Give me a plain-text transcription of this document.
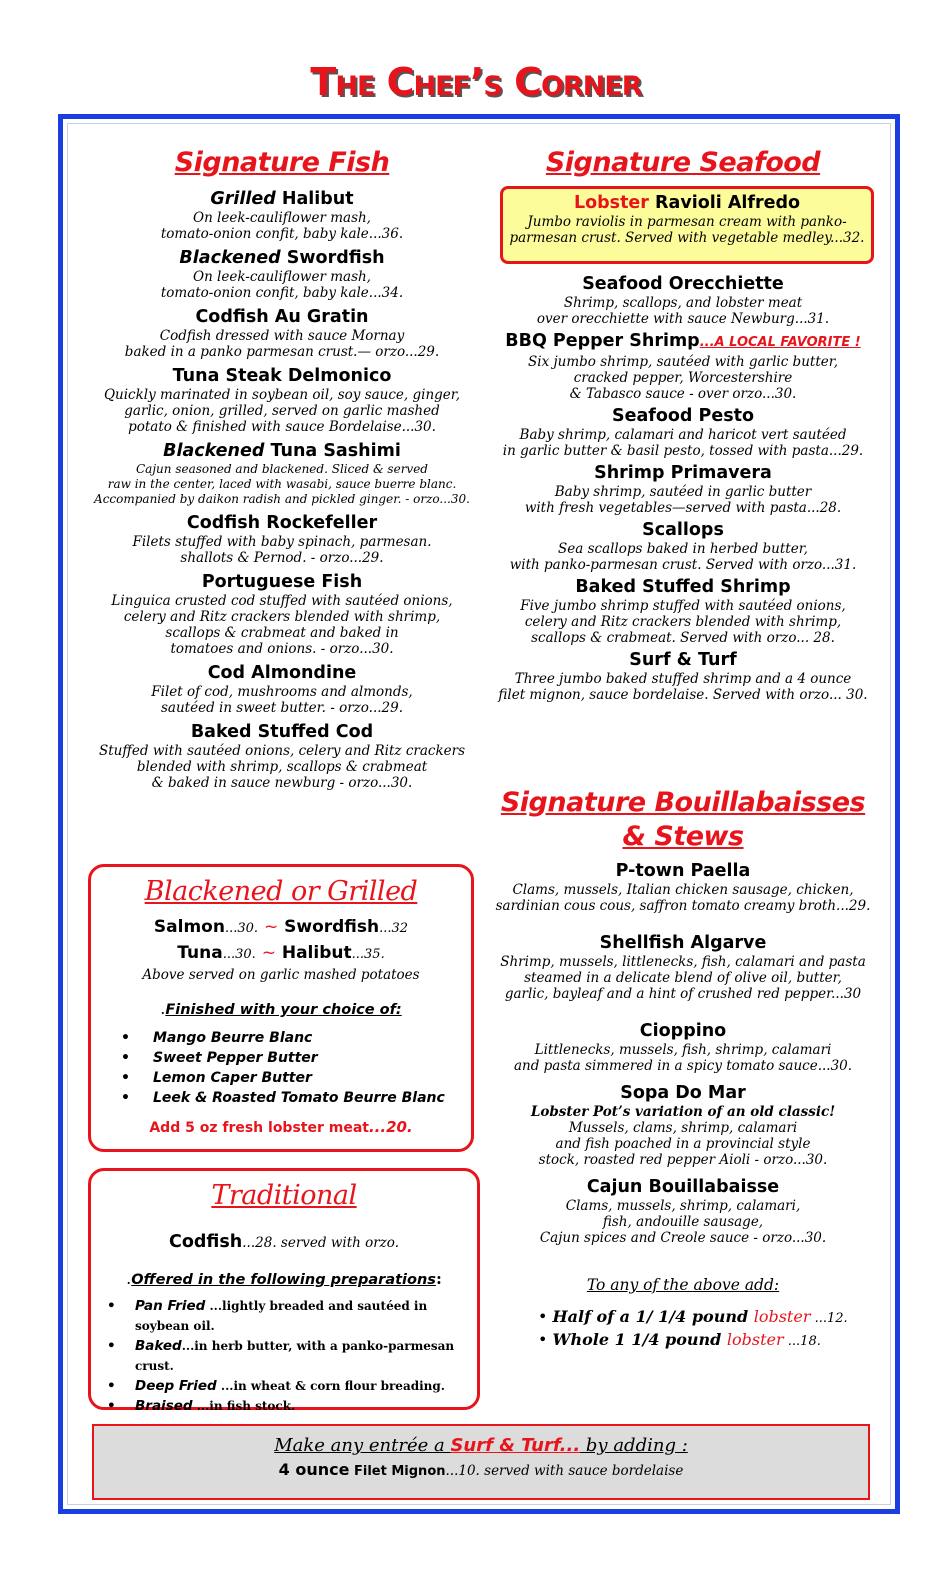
The Chef’s Corner
Signature Fish
Grilled Halibut
On leek-cauliflower mash,
tomato-onion confit, baby kale...36.
Blackened Swordfish
On leek-cauliflower mash,
tomato-onion confit, baby kale...34.
Codfish Au Gratin
Codfish dressed with sauce Mornay
baked in a panko parmesan crust.— orzo...29.
Tuna Steak Delmonico
Quickly marinated in soybean oil, soy sauce, ginger,
garlic, onion, grilled, served on garlic mashed
potato & finished with sauce Bordelaise...30.
Blackened Tuna Sashimi
Cajun seasoned and blackened. Sliced & served
raw in the center, laced with wasabi, sauce buerre blanc.
Accompanied by daikon radish and pickled ginger. - orzo...30.
Codfish Rockefeller
Filets stuffed with baby spinach, parmesan.
shallots & Pernod. - orzo...29.
Portuguese Fish
Linguica crusted cod stuffed with sautéed onions,
celery and Ritz crackers blended with shrimp,
scallops & crabmeat and baked in
tomatoes and onions. - orzo...30.
Cod Almondine
Filet of cod, mushrooms and almonds,
sautéed in sweet butter. - orzo...29.
Baked Stuffed Cod
Stuffed with sautéed onions, celery and Ritz crackers
blended with shrimp, scallops & crabmeat
& baked in sauce newburg - orzo...30.
Blackened or Grilled
Salmon...30. ~ Swordfish...32
Tuna...30. ~ Halibut...35.
Above served on garlic mashed potatoes
.Finished with your choice of:
• Mango Beurre Blanc
• Sweet Pepper Butter
• Lemon Caper Butter
• Leek & Roasted Tomato Beurre Blanc
Add 5 oz fresh lobster meat...20.
Traditional
Codfish...28. served with orzo.
.Offered in the following preparations:
• Pan Fried ...lightly breaded and sautéed in soybean oil.
• Baked...in herb butter, with a panko-parmesan crust.
• Deep Fried ...in wheat & corn flour breading.
• Braised ...in fish stock.
Signature Seafood
Lobster Ravioli Alfredo
Jumbo raviolis in parmesan cream with panko-
parmesan crust. Served with vegetable medley...32.
Seafood Orecchiette
Shrimp, scallops, and lobster meat
over orecchiette with sauce Newburg...31.
BBQ Pepper Shrimp...A LOCAL FAVORITE !
Six jumbo shrimp, sautéed with garlic butter,
cracked pepper, Worcestershire
& Tabasco sauce - over orzo...30.
Seafood Pesto
Baby shrimp, calamari and haricot vert sautéed
in garlic butter & basil pesto, tossed with pasta...29.
Shrimp Primavera
Baby shrimp, sautéed in garlic butter
with fresh vegetables—served with pasta...28.
Scallops
Sea scallops baked in herbed butter,
with panko-parmesan crust. Served with orzo...31.
Baked Stuffed Shrimp
Five jumbo shrimp stuffed with sautéed onions,
celery and Ritz crackers blended with shrimp,
scallops & crabmeat. Served with orzo... 28.
Surf & Turf
Three jumbo baked stuffed shrimp and a 4 ounce
filet mignon, sauce bordelaise. Served with orzo... 30.
Signature Bouillabaisses
& Stews
P-town Paella
Clams, mussels, Italian chicken sausage, chicken,
sardinian cous cous, saffron tomato creamy broth...29.
Shellfish Algarve
Shrimp, mussels, littlenecks, fish, calamari and pasta
steamed in a delicate blend of olive oil, butter,
garlic, bayleaf and a hint of crushed red pepper...30
Cioppino
Littlenecks, mussels, fish, shrimp, calamari
and pasta simmered in a spicy tomato sauce...30.
Sopa Do Mar
Lobster Pot’s variation of an old classic!
Mussels, clams, shrimp, calamari
and fish poached in a provincial style
stock, roasted red pepper Aioli - orzo...30.
Cajun Bouillabaisse
Clams, mussels, shrimp, calamari,
fish, andouille sausage,
Cajun spices and Creole sauce - orzo...30.
To any of the above add:
• Half of a 1/ 1/4 pound lobster ...12.
• Whole 1 1/4 pound lobster ...18.
Make any entrée a Surf & Turf... by adding :
4 ounce Filet Mignon...10. served with sauce bordelaise
